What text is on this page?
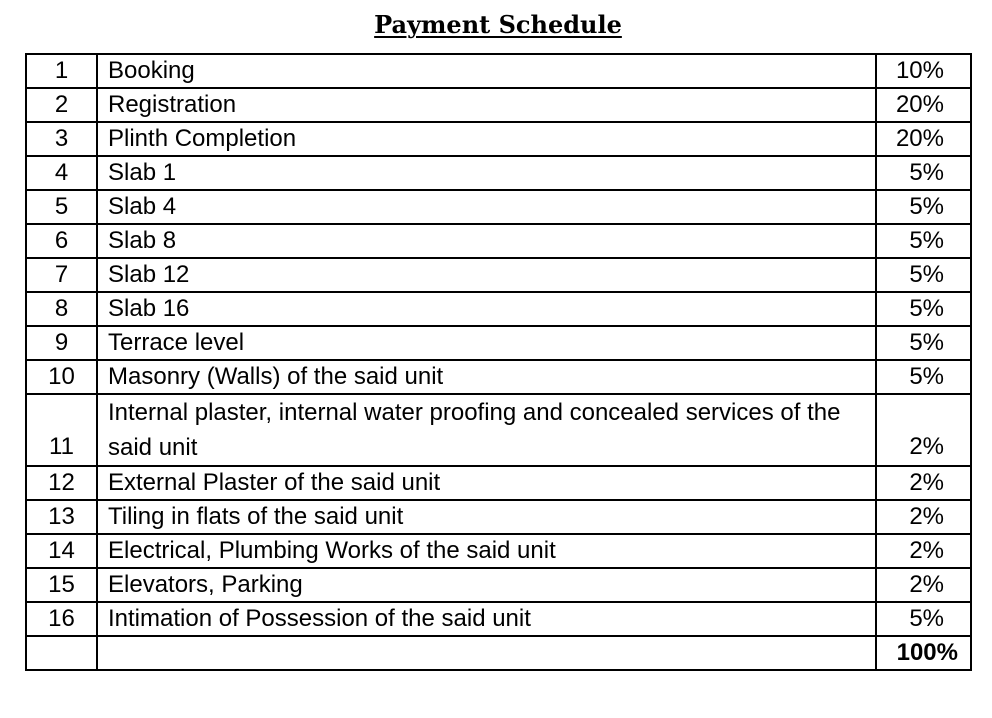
Payment Schedule
1	Booking	10%
2	Registration	20%
3	Plinth Completion	20%
4	Slab 1	5%
5	Slab 4	5%
6	Slab 8	5%
7	Slab 12	5%
8	Slab 16	5%
9	Terrace level	5%
10	Masonry (Walls) of the said unit	5%
11	Internal plaster, internal water proofing and concealed services of the said unit	2%
12	External Plaster of the said unit	2%
13	Tiling in flats of the said unit	2%
14	Electrical, Plumbing Works of the said unit	2%
15	Elevators, Parking	2%
16	Intimation of Possession of the said unit	5%
		100%
